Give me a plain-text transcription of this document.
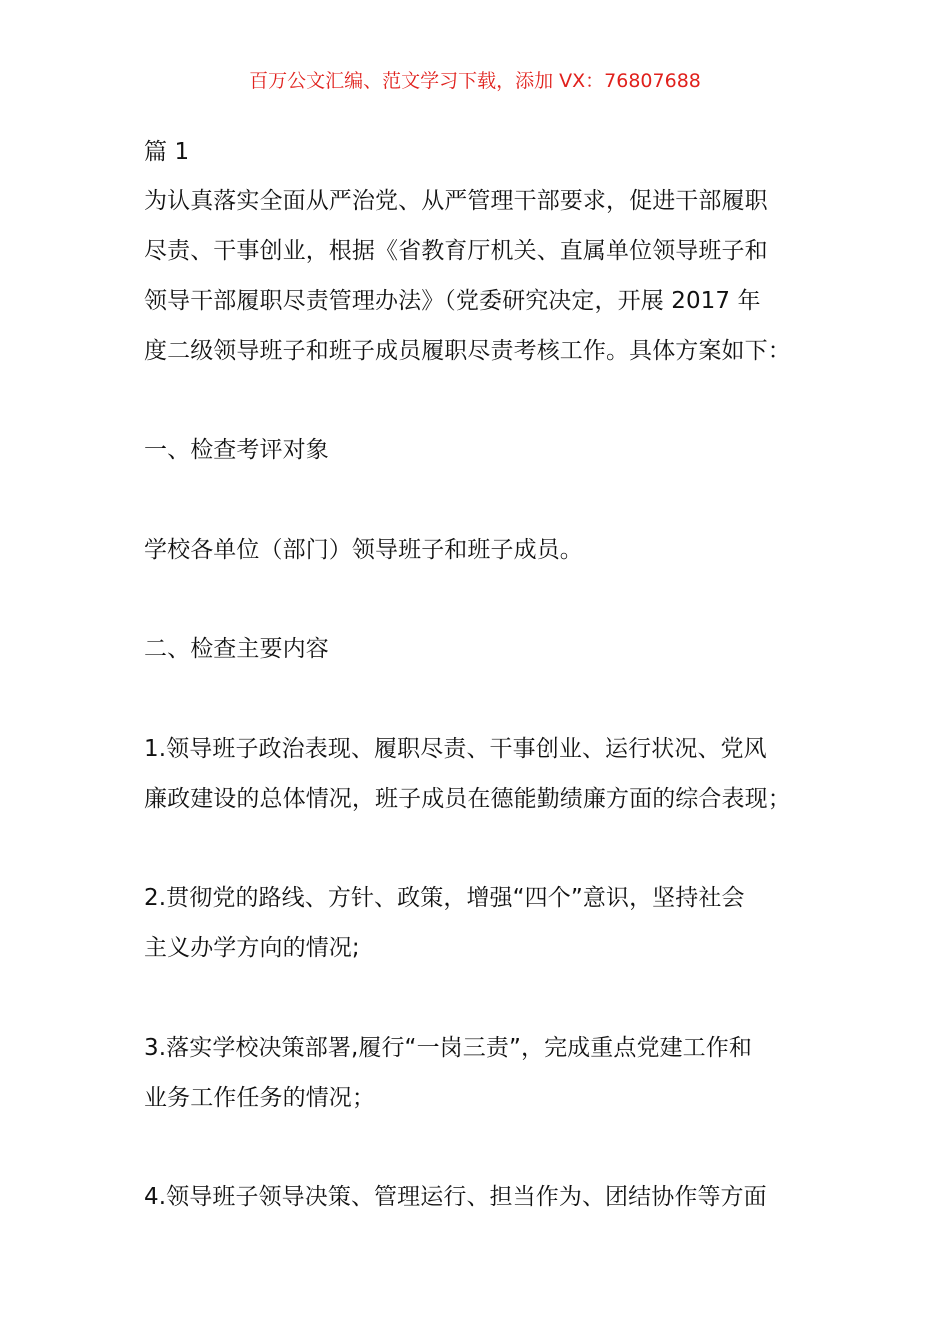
百万公文汇编、范文学习下载，添加 VX：76807688
篇 1
为认真落实全面从严治党、从严管理干部要求，促进干部履职
尽责、干事创业，根据《省教育厅机关、直属单位领导班子和
领导干部履职尽责管理办法》（党委研究决定，开展 2017 年
度二级领导班子和班子成员履职尽责考核工作。具体方案如下：
一、检查考评对象
学校各单位（部门）领导班子和班子成员。
二、检查主要内容
1.领导班子政治表现、履职尽责、干事创业、运行状况、党风
廉政建设的总体情况，班子成员在德能勤绩廉方面的综合表现；
2.贯彻党的路线、方针、政策，增强“四个”意识，坚持社会
主义办学方向的情况;
3.落实学校决策部署,履行“一岗三责”，完成重点党建工作和
业务工作任务的情况；
4.领导班子领导决策、管理运行、担当作为、团结协作等方面
